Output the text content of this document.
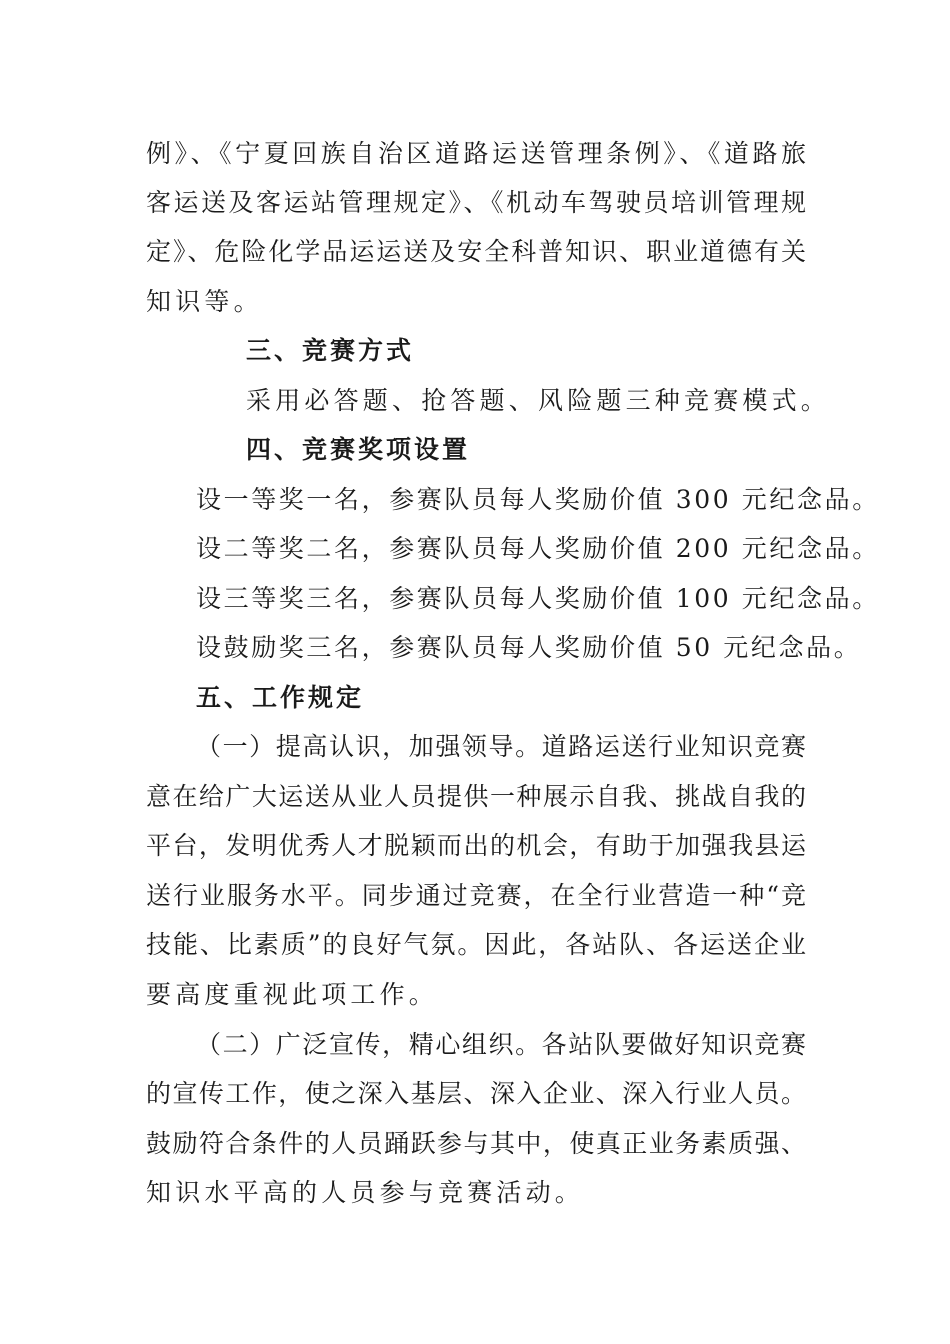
例》、《宁夏回族自治区道路运送管理条例》、《道路旅
客运送及客运站管理规定》、《机动车驾驶员培训管理规
定》、危险化学品运运送及安全科普知识、职业道德有关
知识等。
三、竞赛方式
采用必答题、抢答题、风险题三种竞赛模式。
四、竞赛奖项设置
设一等奖一名，参赛队员每人奖励价值 300 元纪念品。
设二等奖二名，参赛队员每人奖励价值 200 元纪念品。
设三等奖三名，参赛队员每人奖励价值 100 元纪念品。
设鼓励奖三名，参赛队员每人奖励价值 50 元纪念品。
五、工作规定
（一）提高认识，加强领导。道路运送行业知识竞赛
意在给广大运送从业人员提供一种展示自我、挑战自我的
平台，发明优秀人才脱颖而出的机会，有助于加强我县运
送行业服务水平。同步通过竞赛，在全行业营造一种“竞
技能、比素质”的良好气氛。因此，各站队、各运送企业
要高度重视此项工作。
（二）广泛宣传，精心组织。各站队要做好知识竞赛
的宣传工作，使之深入基层、深入企业、深入行业人员。
鼓励符合条件的人员踊跃参与其中，使真正业务素质强、
知识水平高的人员参与竞赛活动。
